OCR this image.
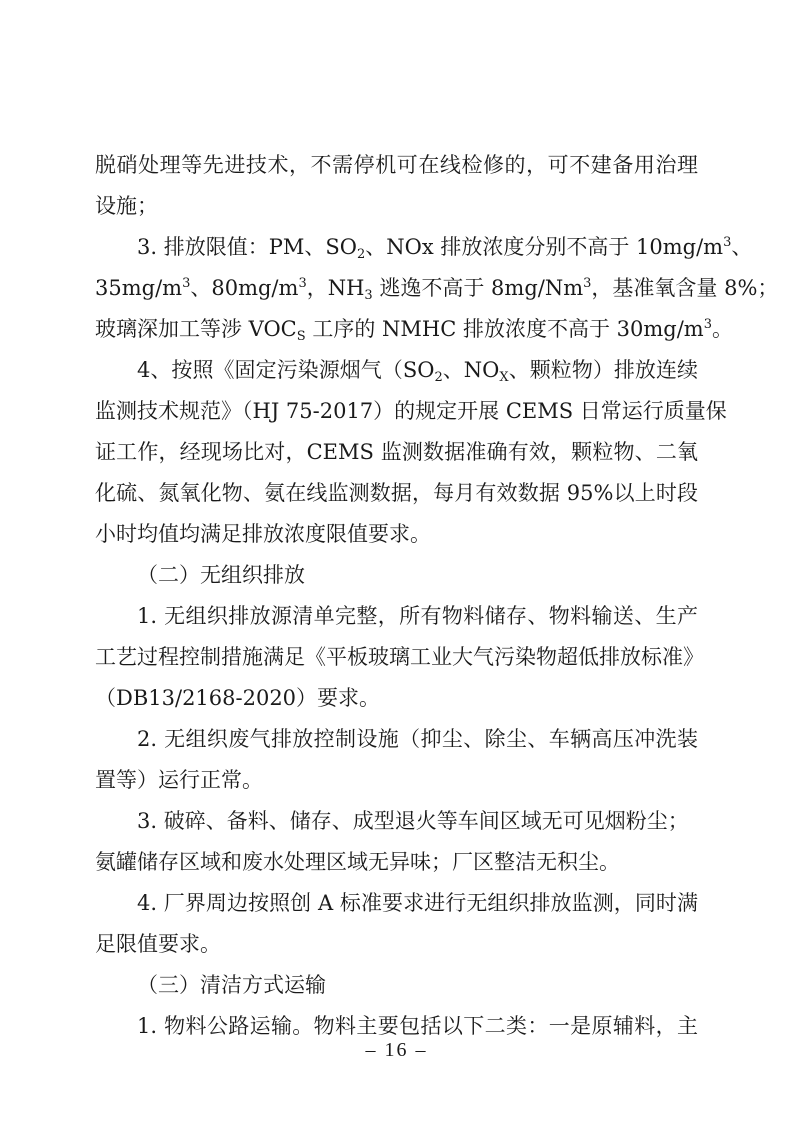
脱硝处理等先进技术，不需停机可在线检修的，可不建备用治理
设施；
3. 排放限值：PM、$SO_2$、NOx 排放浓度分别不高于 $10mg/m^3$、
$35mg/m^3$、$80mg/m^3$，$NH_3$ 逃逸不高于 8mg/Nm$^3$，基准氧含量 8%；
玻璃深加工等涉 $VOC_S$ 工序的 NMHC 排放浓度不高于 $30mg/m^3$。
4、按照《固定污染源烟气（$SO_2$、$NO_X$、颗粒物）排放连续
监测技术规范》（HJ 75-2017）的规定开展 CEMS 日常运行质量保
证工作，经现场比对，CEMS 监测数据准确有效，颗粒物、二氧
化硫、氮氧化物、氨在线监测数据，每月有效数据 95%以上时段
小时均值均满足排放浓度限值要求。
（二）无组织排放
1. 无组织排放源清单完整，所有物料储存、物料输送、生产
工艺过程控制措施满足《平板玻璃工业大气污染物超低排放标准》
（DB13/2168-2020）要求。
2. 无组织废气排放控制设施（抑尘、除尘、车辆高压冲洗装
置等）运行正常。
3. 破碎、备料、储存、成型退火等车间区域无可见烟粉尘；
氨罐储存区域和废水处理区域无异味；厂区整洁无积尘。
4. 厂界周边按照创 A 标准要求进行无组织排放监测，同时满
足限值要求。
（三）清洁方式运输
1. 物料公路运输。物料主要包括以下二类：一是原辅料，主
– 16 –
